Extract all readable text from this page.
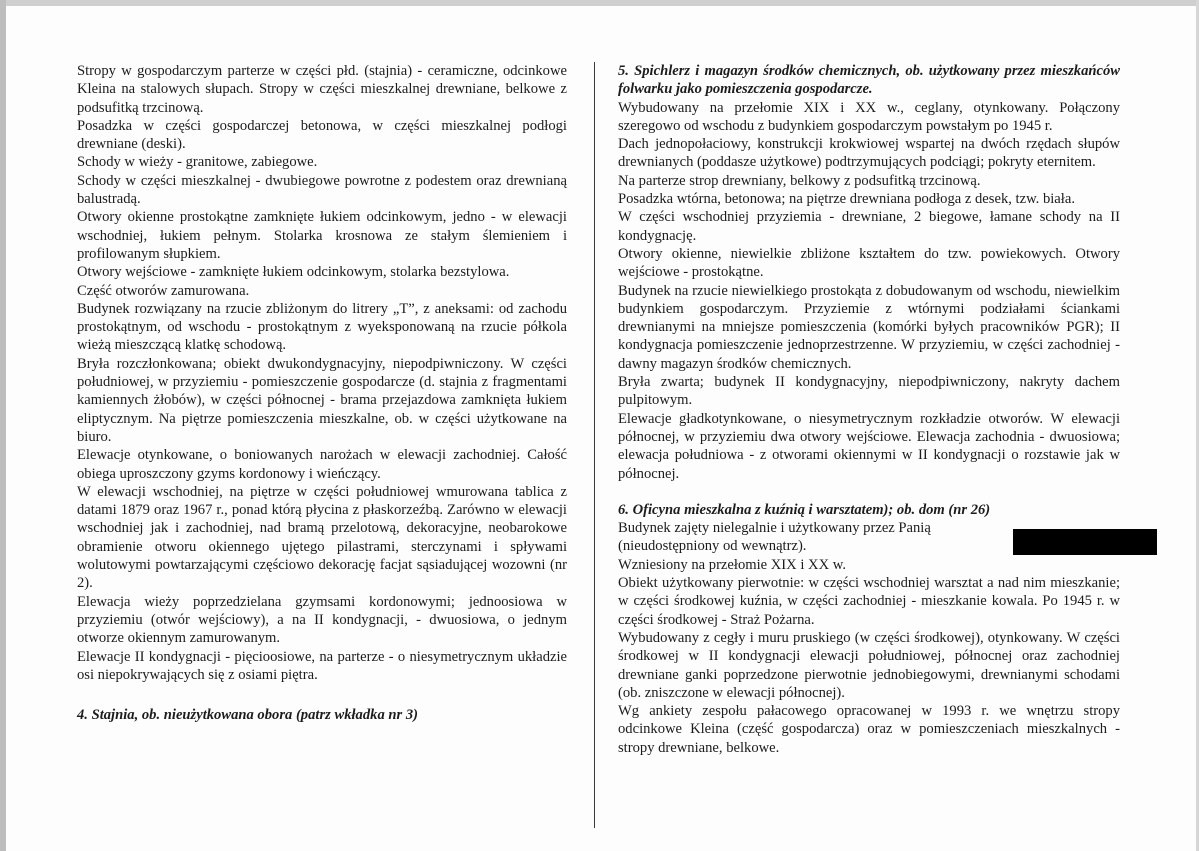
Stropy w gospodarczym parterze w części płd. (stajnia) - ceramiczne, odcinkowe Kleina na stalowych słupach. Stropy w części mieszkalnej drewniane, belkowe z podsufitką trzcinową.

Posadzka w części gospodarczej betonowa, w części mieszkalnej podłogi drewniane (deski).

Schody w wieży - granitowe, zabiegowe.

Schody w części mieszkalnej - dwubiegowe powrotne z podestem oraz drewnianą balustradą.

Otwory okienne prostokątne zamknięte łukiem odcinkowym, jedno - w elewacji wschodniej, łukiem pełnym. Stolarka krosnowa ze stałym ślemieniem i profilowanym słupkiem.

Otwory wejściowe - zamknięte łukiem odcinkowym, stolarka bezstylowa.

Część otworów zamurowana.

Budynek rozwiązany na rzucie zbliżonym do litrery „T”, z aneksami: od zachodu prostokątnym, od wschodu - prostokątnym z wyeksponowaną na rzucie półkola wieżą mieszczącą klatkę schodową.

Bryła rozczłonkowana; obiekt dwukondygnacyjny, niepodpiwniczony. W części południowej, w przyziemiu - pomieszczenie gospodarcze (d. stajnia z fragmentami kamiennych żłobów), w części północnej - brama przejazdowa zamknięta łukiem eliptycznym. Na piętrze pomieszczenia mieszkalne, ob. w części użytkowane na biuro.

Elewacje otynkowane, o boniowanych narożach w elewacji zachodniej. Całość obiega uproszczony gzyms kordonowy i wieńczący.

W elewacji wschodniej, na piętrze w części południowej wmurowana tablica z datami 1879 oraz 1967 r., ponad którą płycina z płaskorzeźbą. Zarówno w elewacji wschodniej jak i zachodniej, nad bramą przelotową, dekoracyjne, neobarokowe obramienie otworu okiennego ujętego pilastrami, sterczynami i spływami wolutowymi powtarzającymi częściowo dekorację facjat sąsiadującej wozowni (nr 2).

Elewacja wieży poprzedzielana gzymsami kordonowymi; jednoosiowa w przyziemiu (otwór wejściowy), a na II kondygnacji, - dwuosiowa, o jednym otworze okiennym zamurowanym.

Elewacje II kondygnacji - pięcioosiowe, na parterze - o niesymetrycznym układzie osi niepokrywających się z osiami piętra.

4. Stajnia, ob. nieużytkowana obora (patrz wkładka nr 3)

5. Spichlerz i magazyn środków chemicznych, ob. użytkowany przez mieszkańców folwarku jako pomieszczenia gospodarcze.

Wybudowany na przełomie XIX i XX w., ceglany, otynkowany. Połączony szeregowo od wschodu z budynkiem gospodarczym powstałym po 1945 r.

Dach jednopołaciowy, konstrukcji krokwiowej wspartej na dwóch rzędach słupów drewnianych (poddasze użytkowe) podtrzymujących podciągi; pokryty eternitem.

Na parterze strop drewniany, belkowy z podsufitką trzcinową.

Posadzka wtórna, betonowa; na piętrze drewniana podłoga z desek, tzw. biała.

W części wschodniej przyziemia - drewniane, 2 biegowe, łamane schody na II kondygnację.

Otwory okienne, niewielkie zbliżone kształtem do tzw. powiekowych. Otwory wejściowe - prostokątne.

Budynek na rzucie niewielkiego prostokąta z dobudowanym od wschodu, niewielkim budynkiem gospodarczym. Przyziemie z wtórnymi podziałami ściankami drewnianymi na mniejsze pomieszczenia (komórki byłych pracowników PGR); II kondygnacja pomieszczenie jednoprzestrzenne. W przyziemiu, w części zachodniej - dawny magazyn środków chemicznych.

Bryła zwarta; budynek II kondygnacyjny, niepodpiwniczony, nakryty dachem pulpitowym.

Elewacje gładkotynkowane, o niesymetrycznym rozkładzie otworów. W elewacji północnej, w przyziemiu dwa otwory wejściowe. Elewacja zachodnia - dwuosiowa; elewacja południowa - z otworami okiennymi w II kondygnacji o rozstawie jak w północnej.

6. Oficyna mieszkalna z kuźnią i warsztatem); ob. dom (nr 26)

Budynek zajęty nielegalnie i użytkowany przez Panią
(nieudostępniony od wewnątrz).

Wzniesiony na przełomie XIX i XX w.

Obiekt użytkowany pierwotnie: w części wschodniej warsztat a nad nim mieszkanie; w części środkowej kuźnia, w części zachodniej - mieszkanie kowala. Po 1945 r. w części środkowej - Straż Pożarna.

Wybudowany z cegły i muru pruskiego (w części środkowej), otynkowany. W części środkowej w II kondygnacji elewacji południowej, północnej oraz zachodniej drewniane ganki poprzedzone pierwotnie jednobiegowymi, drewnianymi schodami (ob. zniszczone w elewacji północnej).

Wg ankiety zespołu pałacowego opracowanej w 1993 r. we wnętrzu stropy odcinkowe Kleina (część gospodarcza) oraz w pomieszczeniach mieszkalnych - stropy drewniane, belkowe.
